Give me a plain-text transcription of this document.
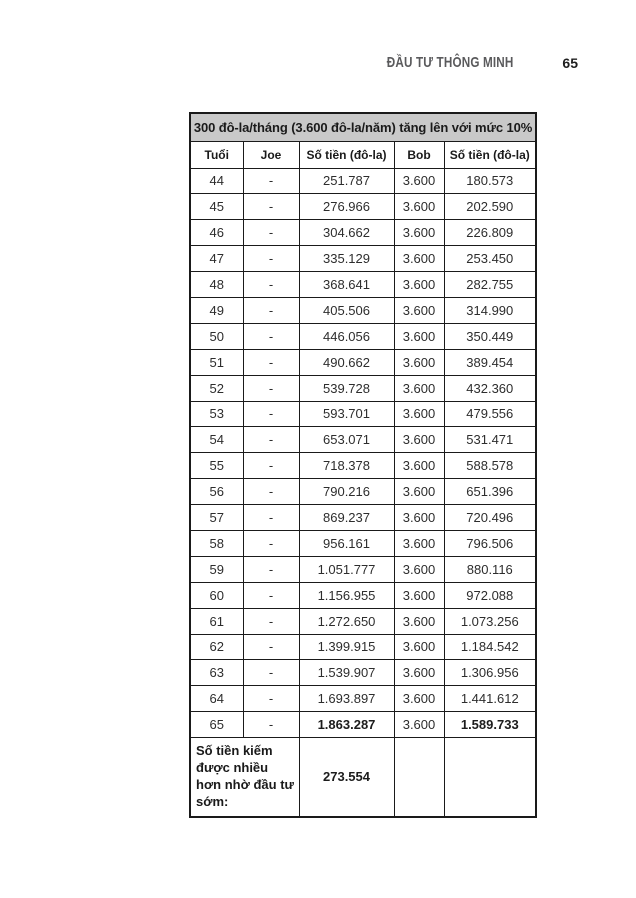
ĐẦU TƯ THÔNG MINH	65
300 đô-la/tháng (3.600 đô-la/năm) tăng lên với mức 10%				
Tuổi	Joe	Số tiền (đô-la)	Bob	Số tiền (đô-la)
44	-	251.787	3.600	180.573
45	-	276.966	3.600	202.590
46	-	304.662	3.600	226.809
47	-	335.129	3.600	253.450
48	-	368.641	3.600	282.755
49	-	405.506	3.600	314.990
50	-	446.056	3.600	350.449
51	-	490.662	3.600	389.454
52	-	539.728	3.600	432.360
53	-	593.701	3.600	479.556
54	-	653.071	3.600	531.471
55	-	718.378	3.600	588.578
56	-	790.216	3.600	651.396
57	-	869.237	3.600	720.496
58	-	956.161	3.600	796.506
59	-	1.051.777	3.600	880.116
60	-	1.156.955	3.600	972.088
61	-	1.272.650	3.600	1.073.256
62	-	1.399.915	3.600	1.184.542
63	-	1.539.907	3.600	1.306.956
64	-	1.693.897	3.600	1.441.612
65	-	1.863.287	3.600	1.589.733
Số tiền kiếm được nhiều hơn nhờ đầu tư sớm:		273.554		
